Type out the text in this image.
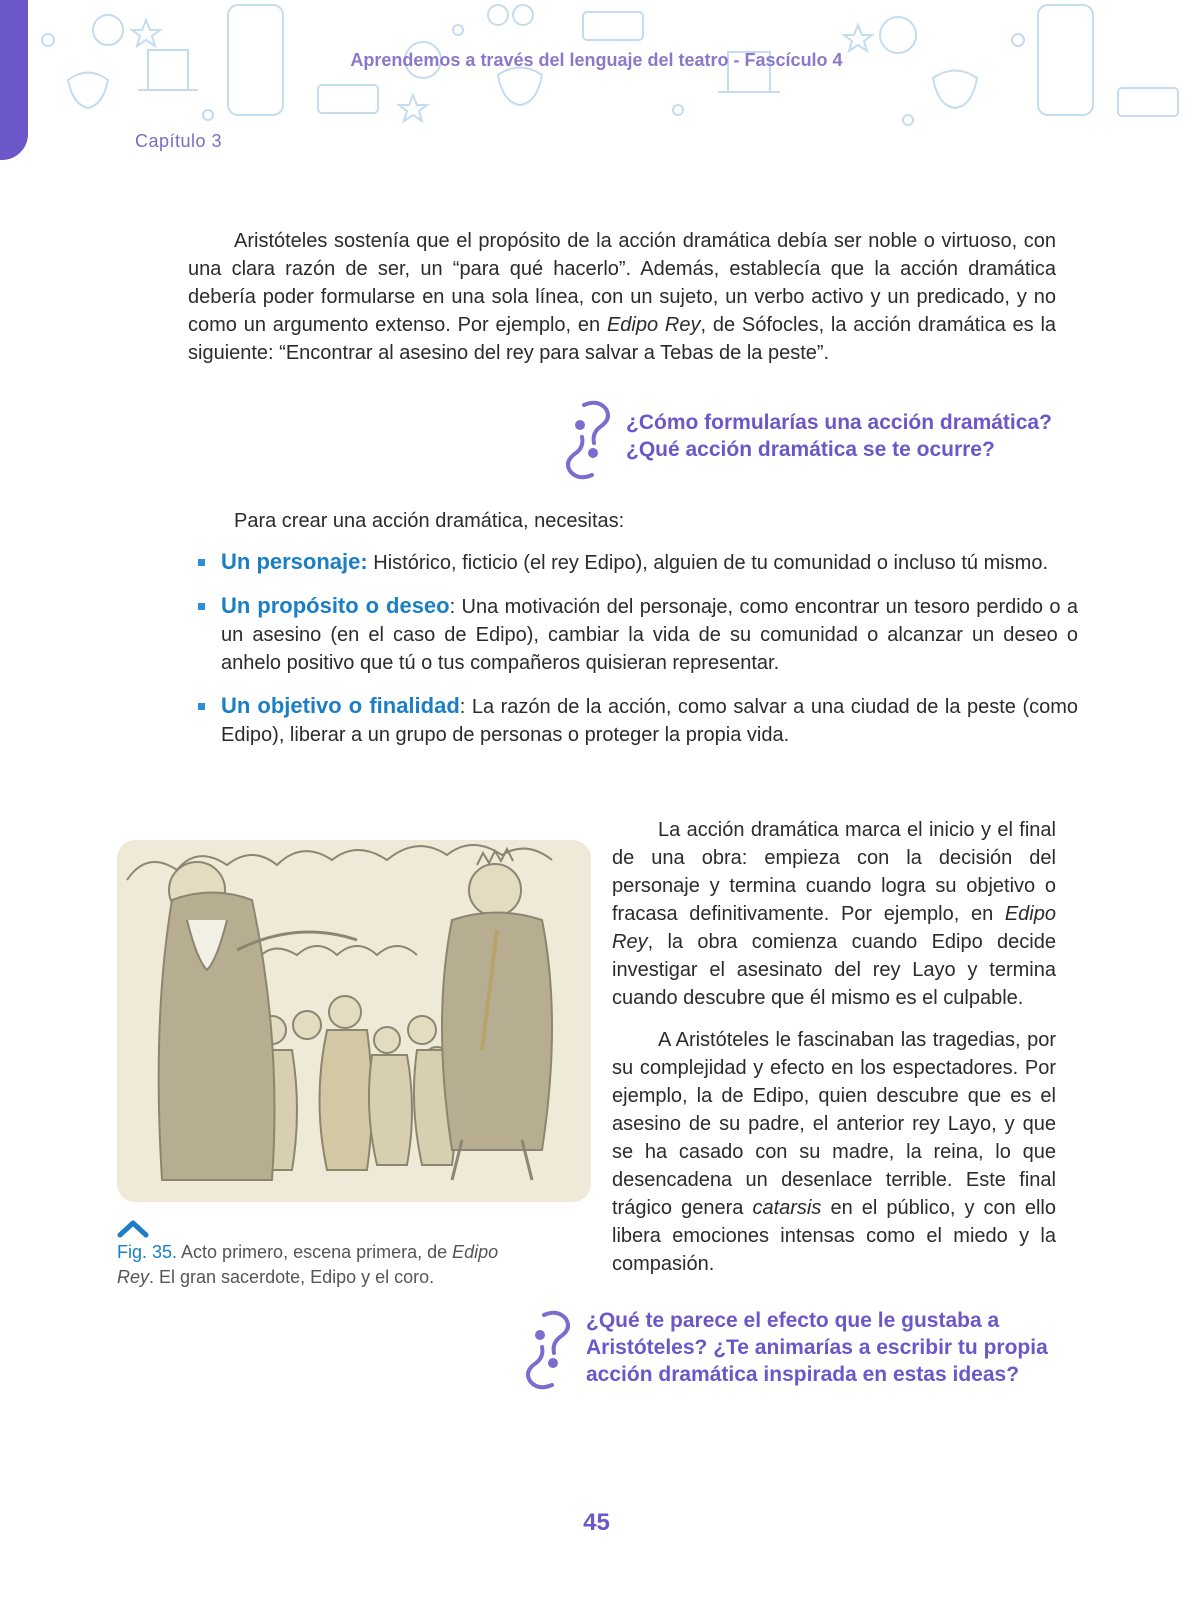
Aprendemos a través del lenguaje del teatro - Fascículo 4
Capítulo 3

Aristóteles sostenía que el propósito de la acción dramática debía ser noble o virtuoso, con una clara razón de ser, un “para qué hacerlo”. Además, establecía que la acción dramática debería poder formularse en una sola línea, con un sujeto, un verbo activo y un predicado, y no como un argumento extenso. Por ejemplo, en Edipo Rey, de Sófocles, la acción dramática es la siguiente: “Encontrar al asesino del rey para salvar a Tebas de la peste”.

¿Cómo formularías una acción dramática?
¿Qué acción dramática se te ocurre?

Para crear una acción dramática, necesitas:

Un personaje: Histórico, ficticio (el rey Edipo), alguien de tu comunidad o incluso tú mismo.
Un propósito o deseo: Una motivación del personaje, como encontrar un tesoro perdido o a un asesino (en el caso de Edipo), cambiar la vida de su comunidad o alcanzar un deseo o anhelo positivo que tú o tus compañeros quisieran representar.
Un objetivo o finalidad: La razón de la acción, como salvar a una ciudad de la peste (como Edipo), liberar a un grupo de personas o proteger la propia vida.
Fig. 35. Acto primero, escena primera, de Edipo Rey. El gran sacerdote, Edipo y el coro.

La acción dramática marca el inicio y el final de una obra: empieza con la decisión del personaje y termina cuando logra su objetivo o fracasa definitivamente. Por ejemplo, en Edipo Rey, la obra comienza cuando Edipo decide investigar el asesinato del rey Layo y termina cuando descubre que él mismo es el culpable.

A Aristóteles le fascinaban las tragedias, por su complejidad y efecto en los espectadores. Por ejemplo, la de Edipo, quien descubre que es el asesino de su padre, el anterior rey Layo, y que se ha casado con su madre, la reina, lo que desencadena un desenlace terrible. Este final trágico genera catarsis en el público, y con ello libera emociones intensas como el miedo y la compasión.

¿Qué te parece el efecto que le gustaba a
Aristóteles? ¿Te animarías a escribir tu propia
acción dramática inspirada en estas ideas?
45
